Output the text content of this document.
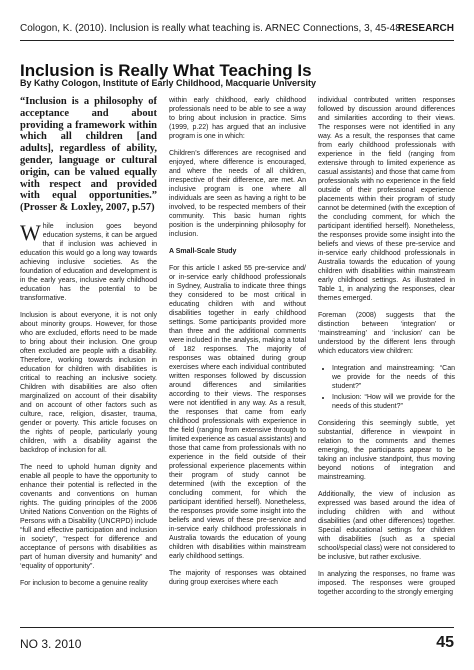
Cologon, K. (2010). Inclusion is really what teaching is. ARNEC Connections, 3, 45-48
RESEARCH
Inclusion is Really What Teaching Is
By Kathy Cologon, Institute of Early Childhood, Macquarie University

“Inclusion is a philosophy of acceptance and about providing a framework within which all children [and adults], regardless of ability, gender, language or cultural origin, can be valued equally with respect and provided with equal opportunities.” (Prosser & Loxley, 2007, p.57)

While inclusion goes beyond education systems, it can be argued that if inclusion was achieved in education this would go a long way towards achieving inclusive societies. As the foundation of education and development is in the early years, inclusive early childhood education has the potential to be transformative.

Inclusion is about everyone, it is not only about minority groups. However, for those who are excluded, efforts need to be made to bring about their inclusion. One group often excluded are people with a disability. Therefore, working towards inclusion in education for children with disabilities is critical to reaching an inclusive society. Children with disabilities are also often marginalized on account of their disability and on account of other factors such as culture, race, religion, disaster, trauma, gender or poverty. This article focuses on the rights of people, particularly young children, with a disability against the backdrop of inclusion for all.

The need to uphold human dignity and enable all people to have the opportunity to enhance their potential is reflected in the covenants and conventions on human rights. The guiding principles of the 2006 United Nations Convention on the Rights of Persons with a Disability (UNCRPD) include “full and effective participation and inclusion in society”, “respect for difference and acceptance of persons with disabilities as part of human diversity and humanity” and ‘equality of opportunity”.

For inclusion to become a genuine reality

within early childhood, early childhood professionals need to be able to see a way to bring about inclusion in practice. Sims (1999, p.22) has argued that an inclusive program is one in which:

Children’s differences are recognised and enjoyed, where difference is encouraged, and where the needs of all children, irrespective of their difference, are met. An inclusive program is one where all individuals are seen as having a right to be involved, to be respected members of their community. This basic human rights position is the underpinning philosophy for inclusion.

A Small-Scale Study

For this article I asked 55 pre-service and/ or in-service early childhood professionals in Sydney, Australia to indicate three things they considered to be most critical in educating children with and without disabilities together in early childhood settings. Some participants provided more than three and the additional comments were included in the analysis, making a total of 182 responses. The majority of responses was obtained during group exercises where each individual contributed written responses followed by discussion around differences and similarities according to their views. The responses were not identified in any way. As a result, the responses that came from early childhood professionals with experience in the field (ranging from extensive through to limited experience as casual assistants) and those that came from professionals with no experience in the field outside of their professional experience placements within their program of study cannot be determined (with the exception of the concluding comment, for which the participant identified herself). Nonetheless, the responses provide some insight into the beliefs and views of these pre-service and in-service early childhood professionals in Australia towards the education of young children with disabilities within mainstream early childhood settings.

The majority of responses was obtained during group exercises where each

individual contributed written responses followed by discussion around differences and similarities according to their views. The responses were not identified in any way. As a result, the responses that came from early childhood professionals with experience in the field (ranging from extensive through to limited experience as casual assistants) and those that came from professionals with no experience in the field outside of their professional experience placements within their program of study cannot be determined (with the exception of the concluding comment, for which the participant identified herself). Nonetheless, the responses provide some insight into the beliefs and views of these pre-service and in-service early childhood professionals in Australia towards the education of young children with disabilities within mainstream early childhood settings. As illustrated in Table 1, in analyzing the responses, clear themes emerged.

Foreman (2008) suggests that the distinction between ‘integration’ or ‘mainstreaming’ and ‘inclusion’ can be understood by the different lens through which educators view children:

• Integration and mainstreaming: “Can we provide for the needs of this student?”
• Inclusion: “How will we provide for the needs of this student?”

Considering this seemingly subtle, yet substantial, difference in viewpoint in relation to the comments and themes emerging, the participants appear to be taking an inclusive standpoint, thus moving beyond notions of integration and mainstreaming.

Additionally, the view of inclusion as expressed was based around the idea of including children with and without disabilities (and other differences) together. Special educational settings for children with disabilities (such as a special school/special class) were not considered to be inclusive, but rather exclusive.

In analyzing the responses, no frame was imposed. The responses were grouped together according to the strongly emerging

NO 3. 2010	45
